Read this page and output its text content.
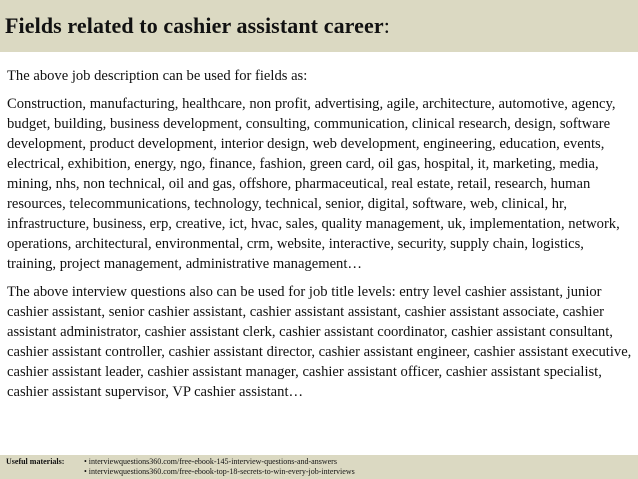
Fields related to cashier assistant career:

The above job description can be used for fields as:

Construction, manufacturing, healthcare, non profit, advertising, agile, architecture, automotive, agency, budget, building, business development, consulting, communication, clinical research, design, software development, product development, interior design, web development, engineering, education, events, electrical, exhibition, energy, ngo, finance, fashion, green card, oil gas, hospital, it, marketing, media, mining, nhs, non technical, oil and gas, offshore, pharmaceutical, real estate, retail, research, human resources, telecommunications, technology, technical, senior, digital, software, web, clinical, hr, infrastructure, business, erp, creative, ict, hvac, sales, quality management, uk, implementation, network, operations, architectural, environmental, crm, website, interactive, security, supply chain, logistics, training, project management, administrative management…

The above interview questions also can be used for job title levels: entry level cashier assistant, junior cashier assistant, senior cashier assistant, cashier assistant assistant, cashier assistant associate, cashier assistant administrator, cashier assistant clerk, cashier assistant coordinator, cashier assistant consultant, cashier assistant controller, cashier assistant director, cashier assistant engineer, cashier assistant executive, cashier assistant leader, cashier assistant manager, cashier assistant officer, cashier assistant specialist, cashier assistant supervisor, VP cashier assistant…

Useful materials:	• interviewquestions360.com/free-ebook-145-interview-questions-and-answers
• interviewquestions360.com/free-ebook-top-18-secrets-to-win-every-job-interviews
